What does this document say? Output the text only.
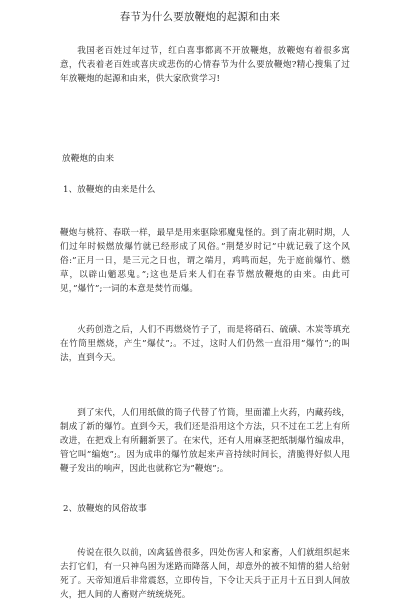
春节为什么要放鞭炮的起源和由来
我国老百姓过年过节，红白喜事都离不开放鞭炮，放鞭炮有着很多寓意，代表着老百姓或喜庆或悲伤的心情春节为什么要放鞭炮?精心搜集了过年放鞭炮的起源和由来，供大家欣赏学习!
放鞭炮的由来
1、放鞭炮的由来是什么
鞭炮与桃符、春联一样，最早是用来驱除邪魔鬼怪的。到了南北朝时期，人们过年时候燃放爆竹就已经形成了风俗。”荆楚岁时记”中就记载了这个风俗:”正月一日，是三元之日也，谓之端月，鸡鸣而起，先于庭前爆竹、燃草，以辟山魈恶鬼。”;这也是后来人们在春节燃放鞭炮的由来。由此可见，”爆竹”;一词的本意是焚竹而爆。
火药创造之后，人们不再燃烧竹子了，而是将硝石、硫磺、木炭等填充在竹筒里燃烧，产生”爆仗”;。不过，这时人们仍然一直沿用”爆竹”;的叫法，直到今天。
到了宋代，人们用纸做的筒子代替了竹筒，里面灌上火药，内藏药线，制成了新的爆竹。直到今天，我们还是沿用这个方法，只不过在工艺上有所改进，在把戏上有所翻新罢了。在宋代，还有人用麻茎把纸制爆竹编成串，管它叫”编炮”;。因为成串的爆竹放起来声音持续时间长，清脆得好似人甩鞭子发出的响声，因此也就称它为”鞭炮”;。
2、放鞭炮的风俗故事
传说在很久以前，凶禽猛兽很多，四处伤害人和家畜，人们就组织起来去打它们，有一只神鸟困为迷路而降落人间，却意外的被不知情的猎人给射死了。天帝知道后非常震怒，立即传旨，下令让天兵于正月十五日到人间放火，把人间的人畜财产统统烧死。
